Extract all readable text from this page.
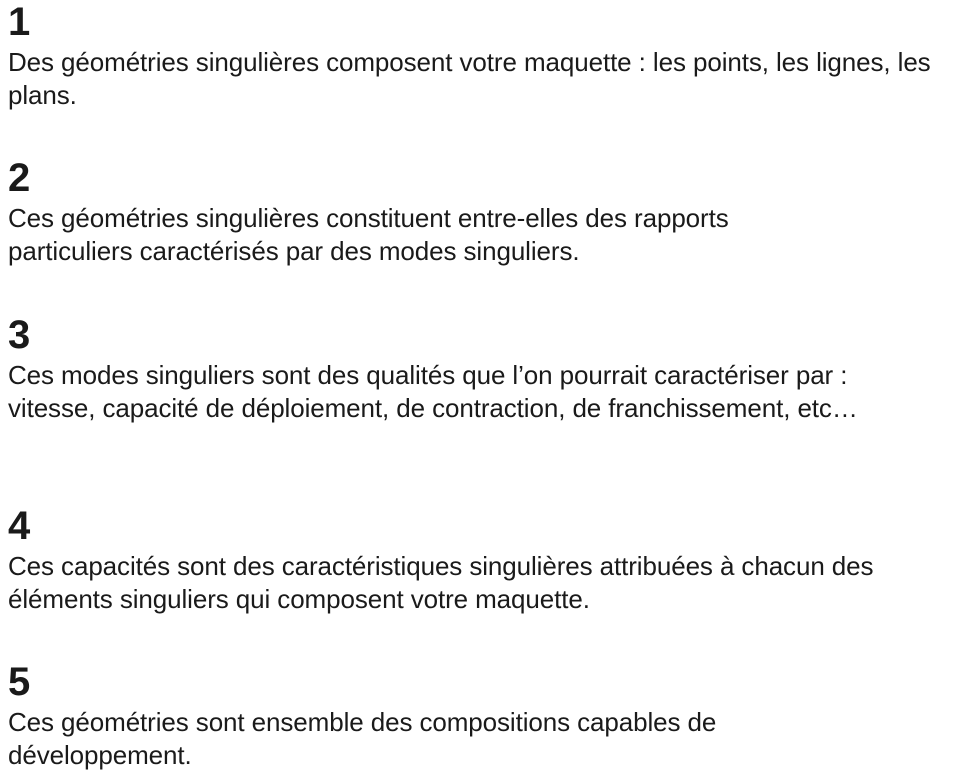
1

Des géométries singulières composent votre maquette : les points, les lignes, les plans.

2

Ces géométries singulières constituent entre-elles des rapports particuliers caractérisés par des modes singuliers.

3

Ces modes singuliers sont des qualités que l’on pourrait caractériser par : vitesse, capacité de déploiement, de contraction, de franchissement, etc…

4

Ces capacités sont des caractéristiques singulières attribuées à chacun des éléments singuliers qui composent votre maquette.

5

Ces géométries sont ensemble des compositions capables de développement.
